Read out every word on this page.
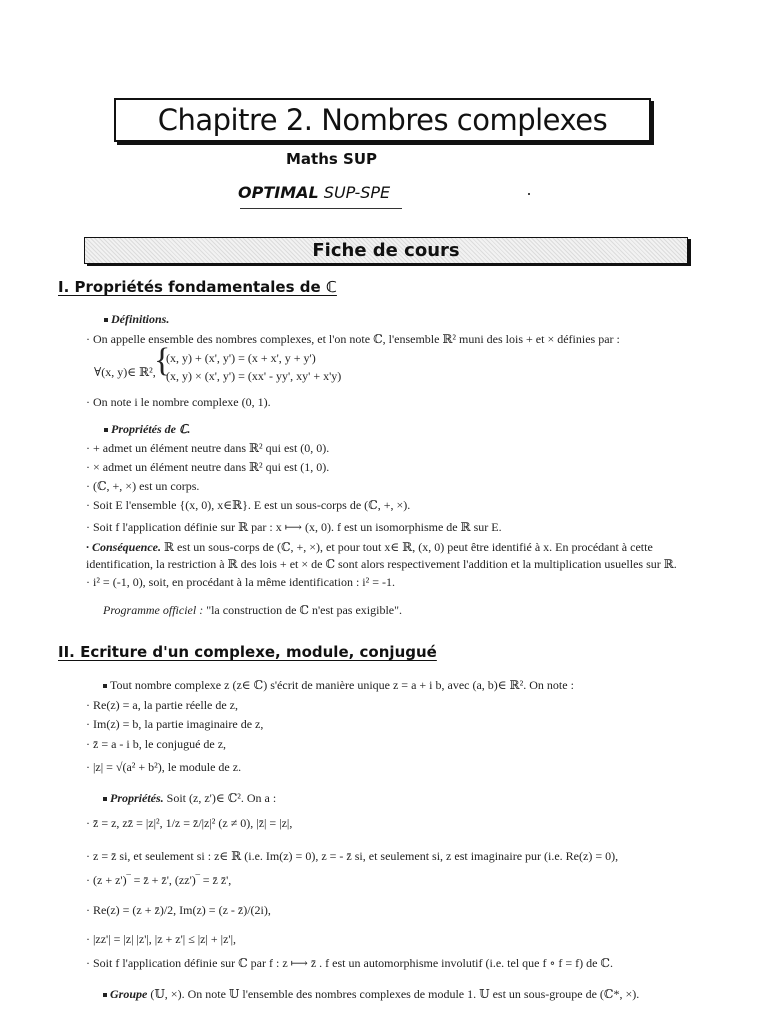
Chapitre 2. Nombres complexes
Maths SUP
OPTIMAL SUP-SPE
Fiche de cours
I. Propriétés fondamentales de ℂ
Définitions.
· On appelle ensemble des nombres complexes, et l'on note ℂ, l'ensemble ℝ² muni des lois + et × définies par :
∀(x, y)∈ ℝ²,
{
(x, y) + (x', y') = (x + x', y + y')
(x, y) × (x', y') = (xx' - yy', xy' + x'y)
· On note i le nombre complexe (0, 1).
Propriétés de ℂ.
· + admet un élément neutre dans ℝ² qui est (0, 0).
· × admet un élément neutre dans ℝ² qui est (1, 0).
· (ℂ, +, ×) est un corps.
· Soit E l'ensemble {(x, 0), x∈ℝ}. E est un sous-corps de (ℂ, +, ×).
· Soit f l'application définie sur ℝ par : x ⟼ (x, 0). f est un isomorphisme de ℝ sur E.
· Conséquence. ℝ est un sous-corps de (ℂ, +, ×), et pour tout x∈ ℝ, (x, 0) peut être identifié à x. En procédant à cette
identification, la restriction à ℝ des lois + et × de ℂ sont alors respectivement l'addition et la multiplication usuelles sur ℝ.
· i² = (-1, 0), soit, en procédant à la même identification : i² = -1.
Programme officiel : "la construction de ℂ n'est pas exigible".
II. Ecriture d'un complexe, module, conjugué
Tout nombre complexe z (z∈ ℂ) s'écrit de manière unique z = a + i b, avec (a, b)∈ ℝ². On note :
· Re(z) = a, la partie réelle de z,
· Im(z) = b, la partie imaginaire de z,
· z̄ = a - i b, le conjugué de z,
· |z| = √(a² + b²), le module de z.
Propriétés. Soit (z, z')∈ ℂ². On a :
· z̄̄ = z, zz̄ = |z|², 1/z = z̄/|z|² (z ≠ 0), |z̄| = |z|,
· z = z̄ si, et seulement si : z∈ ℝ (i.e. Im(z) = 0), z = - z̄ si, et seulement si, z est imaginaire pur (i.e. Re(z) = 0),
· (z + z')‾ = z̄ + z̄', (zz')‾ = z̄ z̄',
· Re(z) = (z + z̄)/2, Im(z) = (z - z̄)/(2i),
· |zz'| = |z| |z'|, |z + z'| ≤ |z| + |z'|,
· Soit f l'application définie sur ℂ par f : z ⟼ z̄ . f est un automorphisme involutif (i.e. tel que f ∘ f = f) de ℂ.
Groupe (𝕌, ×). On note 𝕌 l'ensemble des nombres complexes de module 1. 𝕌 est un sous-groupe de (ℂ*, ×).
